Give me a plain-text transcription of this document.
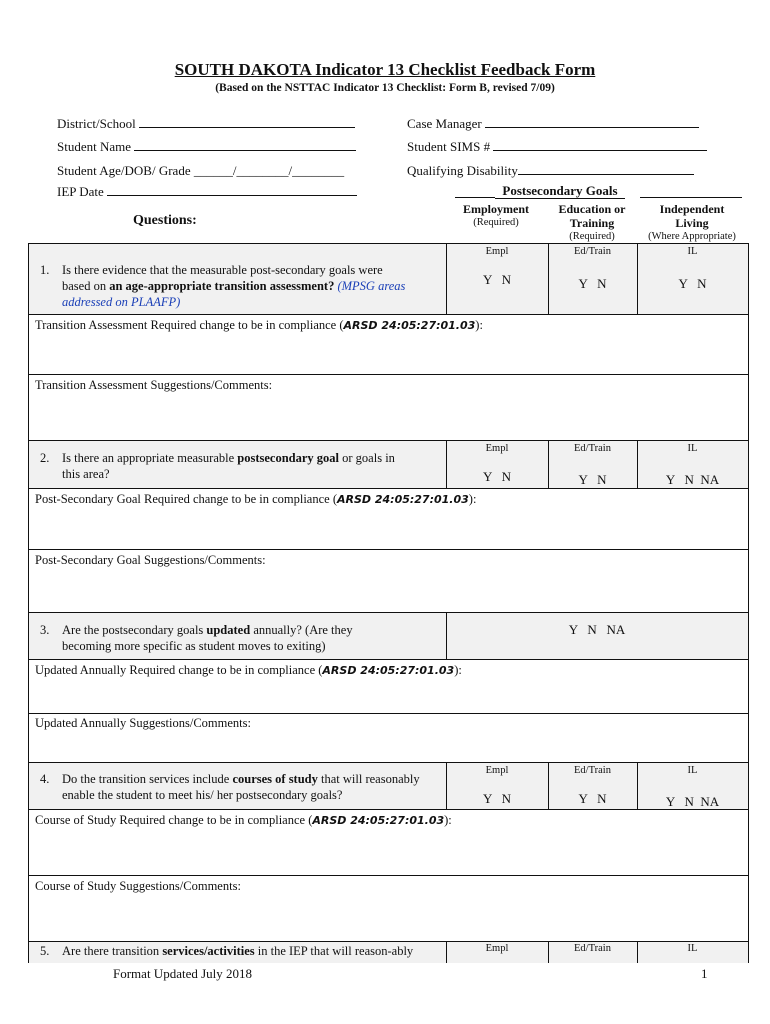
SOUTH DAKOTA Indicator 13 Checklist Feedback Form
(Based on the NSTTAC Indicator 13 Checklist: Form B, revised 7/09)
District/School
Student Name
Student Age/DOB/ Grade ______/________/________
IEP Date
Case Manager
Student SIMS #
Qualifying Disability
Postsecondary Goals
Questions:
Employment
(Required)
Education or
Training
(Required)
Independent
Living
(Where Appropriate)
Empl	Ed/Train	IL
Y   N	Y   N	Y   N
1. Is there evidence that the measurable post-secondary goals were
based on an age-appropriate transition assessment? (MPSG areas
addressed on PLAAFP)
Transition Assessment Required change to be in compliance (ARSD 24:05:27:01.03):
Transition Assessment Suggestions/Comments:
Empl	Ed/Train	IL
Y   N	Y   N	Y   N  NA
2. Is there an appropriate measurable postsecondary goal or goals in
this area?
Post-Secondary Goal Required change to be in compliance (ARSD 24:05:27:01.03):
Post-Secondary Goal Suggestions/Comments:
Y   N   NA
3. Are the postsecondary goals updated annually? (Are they
becoming more specific as student moves to exiting)
Updated Annually Required change to be in compliance (ARSD 24:05:27:01.03):
Updated Annually Suggestions/Comments:
Empl	Ed/Train	IL
Y   N	Y   N	Y   N  NA
4. Do the transition services include courses of study that will reasonably
enable the student to meet his/ her postsecondary goals?
Course of Study Required change to be in compliance (ARSD 24:05:27:01.03):
Course of Study Suggestions/Comments:
Empl	Ed/Train	IL
5. Are there transition services/activities in the IEP that will reason-ably
Format Updated July 2018	1
